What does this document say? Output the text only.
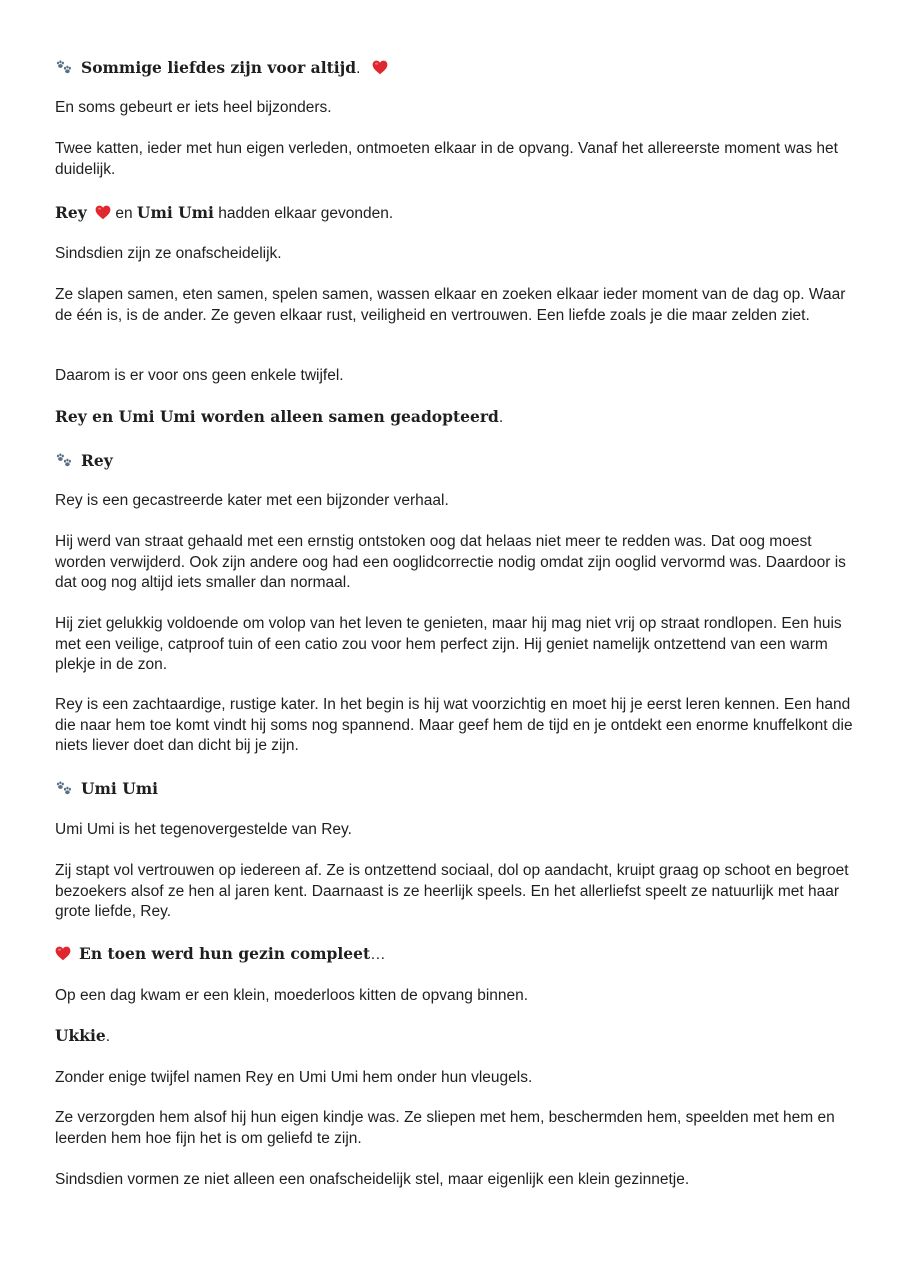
Sommige liefdes zijn voor altijd.

En soms gebeurt er iets heel bijzonders.

Twee katten, ieder met hun eigen verleden, ontmoeten elkaar in de opvang. Vanaf het allereerste moment was het duidelijk.

Rey  en Umi Umi hadden elkaar gevonden.

Sindsdien zijn ze onafscheidelijk.

Ze slapen samen, eten samen, spelen samen, wassen elkaar en zoeken elkaar ieder moment van de dag op. Waar de één is, is de ander. Ze geven elkaar rust, veiligheid en vertrouwen. Een liefde zoals je die maar zelden ziet.

Daarom is er voor ons geen enkele twijfel.

Rey en Umi Umi worden alleen samen geadopteerd.

Rey

Rey is een gecastreerde kater met een bijzonder verhaal.

Hij werd van straat gehaald met een ernstig ontstoken oog dat helaas niet meer te redden was. Dat oog moest worden verwijderd. Ook zijn andere oog had een ooglidcorrectie nodig omdat zijn ooglid vervormd was. Daardoor is dat oog nog altijd iets smaller dan normaal.

Hij ziet gelukkig voldoende om volop van het leven te genieten, maar hij mag niet vrij op straat rondlopen. Een huis met een veilige, catproof tuin of een catio zou voor hem perfect zijn. Hij geniet namelijk ontzettend van een warm plekje in de zon.

Rey is een zachtaardige, rustige kater. In het begin is hij wat voorzichtig en moet hij je eerst leren kennen. Een hand die naar hem toe komt vindt hij soms nog spannend. Maar geef hem de tijd en je ontdekt een enorme knuffelkont die niets liever doet dan dicht bij je zijn.

Umi Umi

Umi Umi is het tegenovergestelde van Rey.

Zij stapt vol vertrouwen op iedereen af. Ze is ontzettend sociaal, dol op aandacht, kruipt graag op schoot en begroet bezoekers alsof ze hen al jaren kent. Daarnaast is ze heerlijk speels. En het allerliefst speelt ze natuurlijk met haar grote liefde, Rey.

En toen werd hun gezin compleet…

Op een dag kwam er een klein, moederloos kitten de opvang binnen.

Ukkie.

Zonder enige twijfel namen Rey en Umi Umi hem onder hun vleugels.

Ze verzorgden hem alsof hij hun eigen kindje was. Ze sliepen met hem, beschermden hem, speelden met hem en leerden hem hoe fijn het is om geliefd te zijn.

Sindsdien vormen ze niet alleen een onafscheidelijk stel, maar eigenlijk een klein gezinnetje.
